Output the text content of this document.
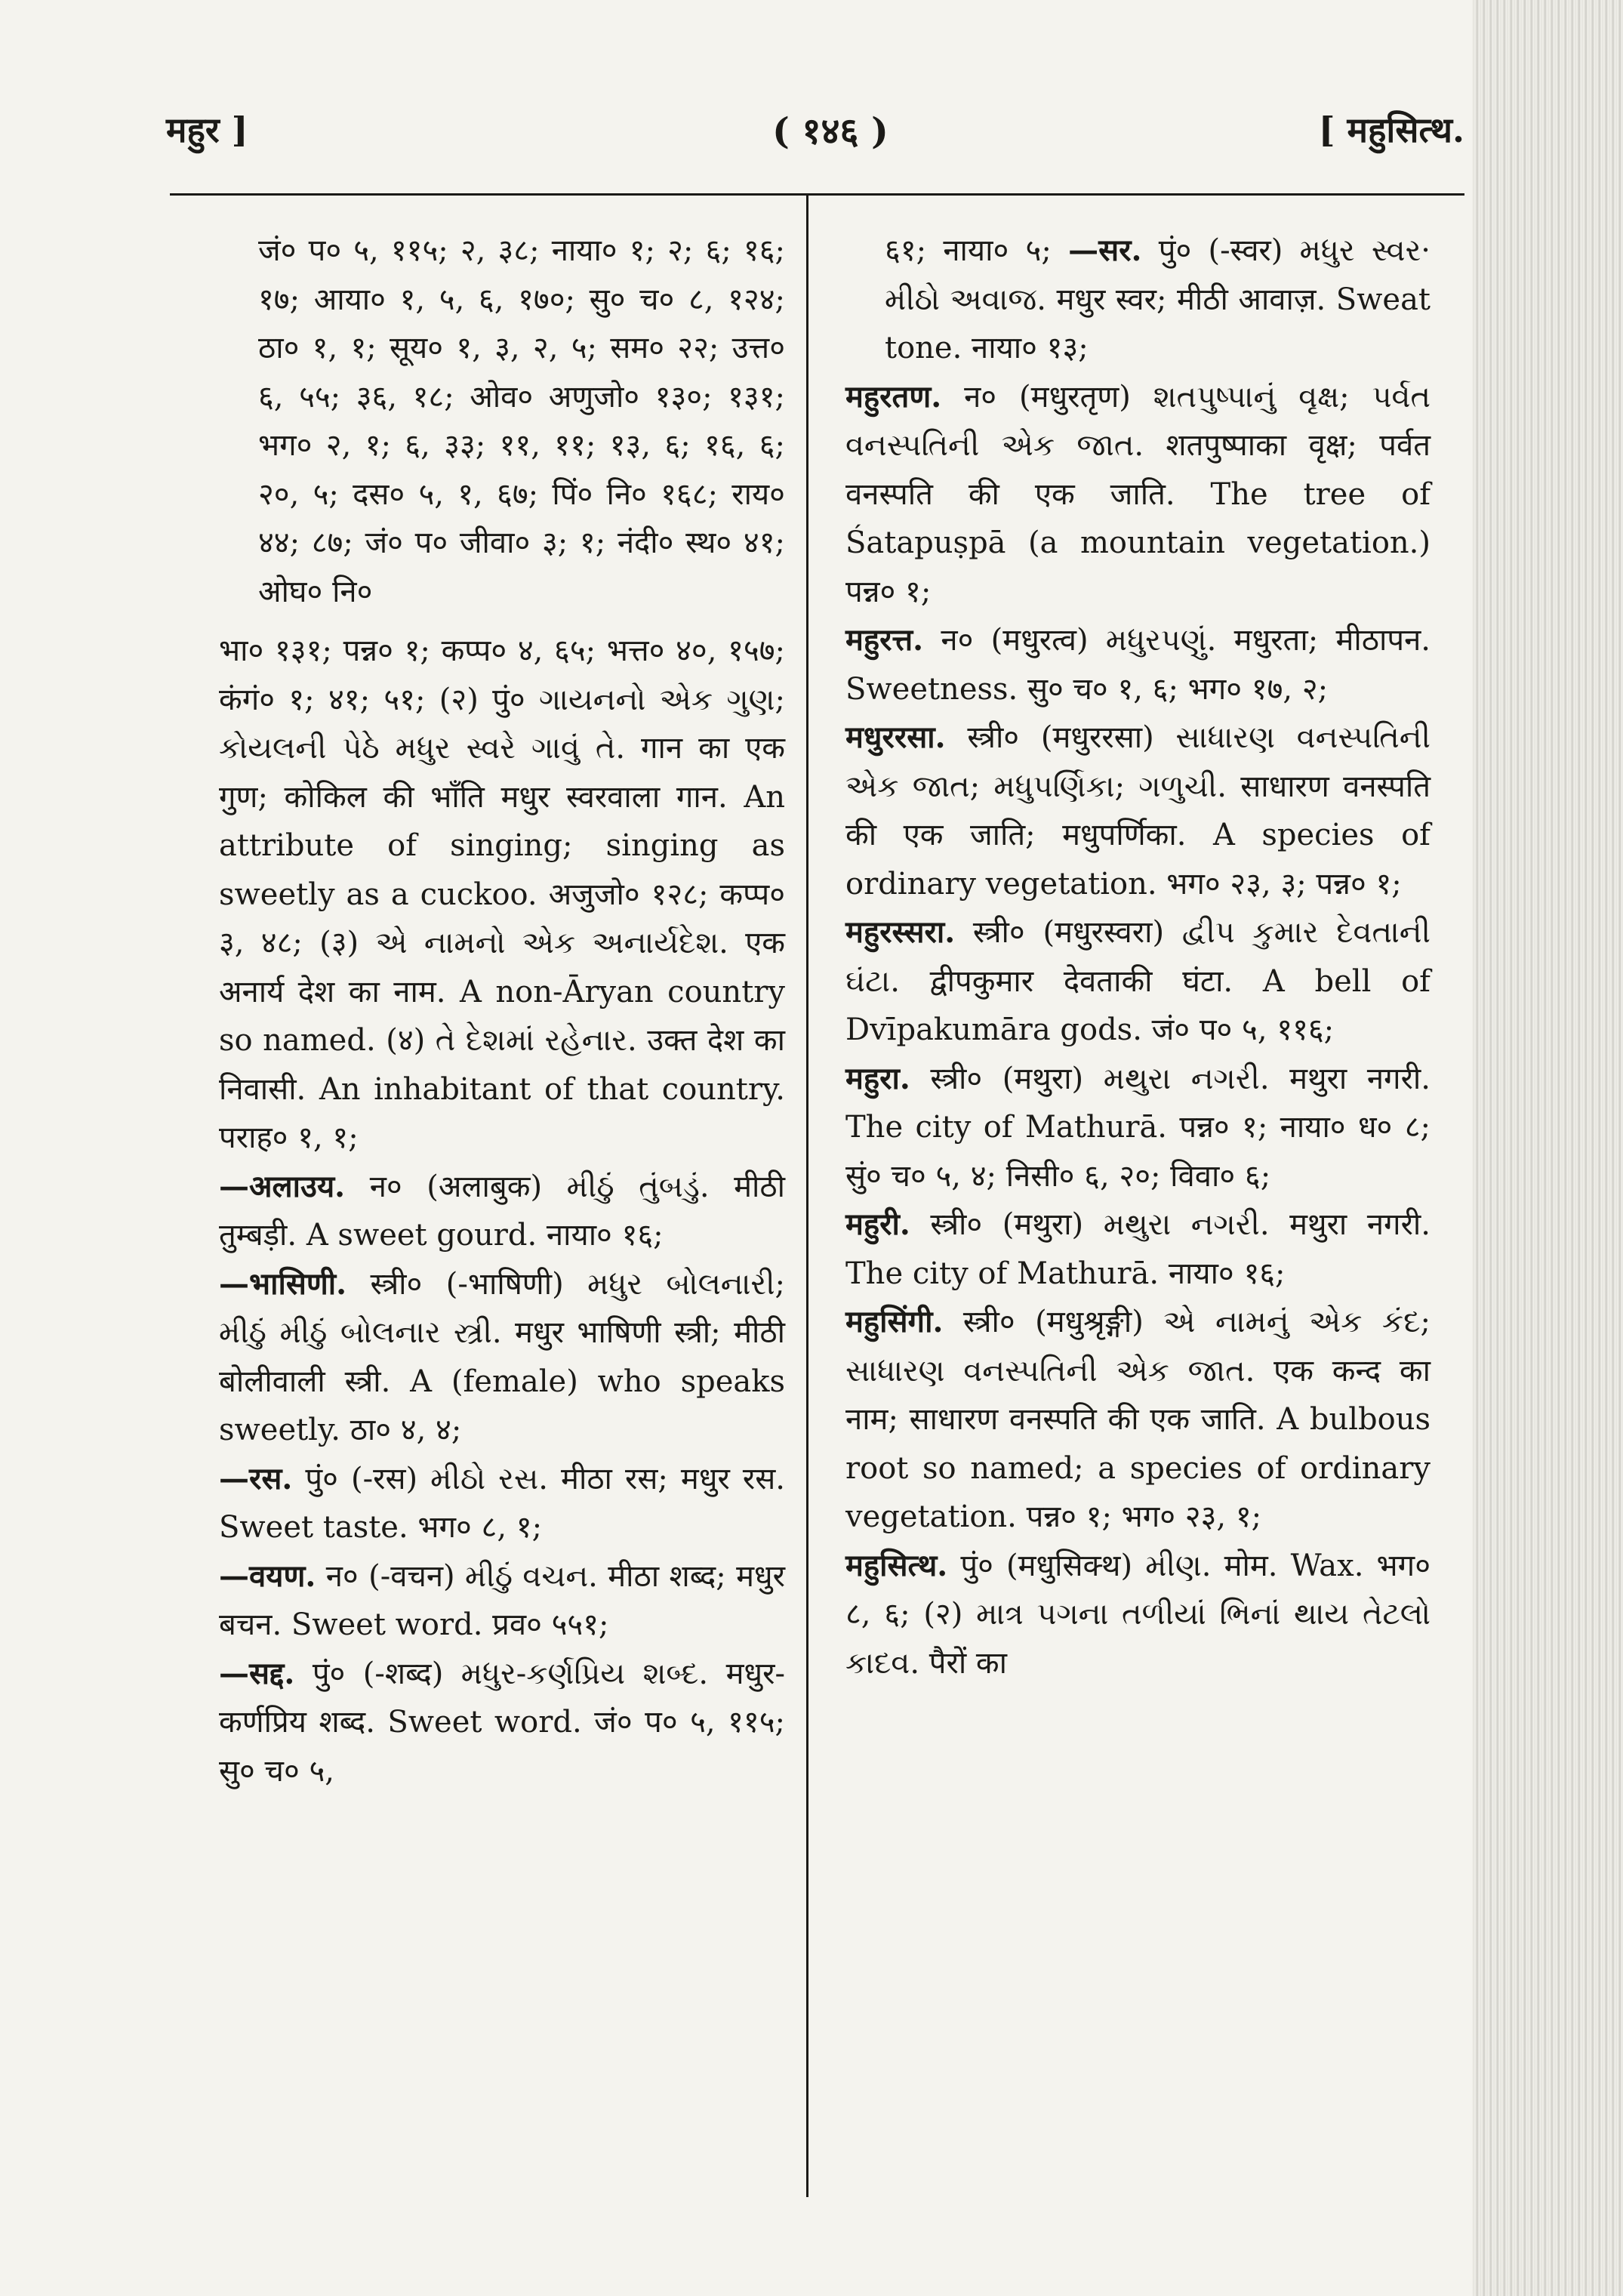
महुर ]	( १४६ )	[ महुसित्थ.

जं० प० ५, ११५; २, ३८; नाया० १; २; ६; १६; १७; आया० १, ५, ६, १७०; सु० च० ८, १२४; ठा० १, १; सूय० १, ३, २, ५; सम० २२; उत्त० ६, ५५; ३६, १८; ओव० अणुजो० १३०; १३१; भग० २, १; ६, ३३; ११, ११; १३, ६; १६, ६; २०, ५; दस० ५, १, ६७; पिं० नि० १६८; राय० ४४; ८७; जं० प० जीवा० ३; १; नंदी० स्थ० ४१; ओघ० नि०

भा० १३१; पन्न० १; कप्प० ४, ६५; भत्त० ४०, १५७; कंगं० १; ४१; ५१; (२) पुं० ગાયનનો એક ગુણ; કોયલની પેઠે મધુર સ્વરે ગાવું તે. गान का एक गुण; कोकिल की भाँति मधुर स्वरवाला गान. An attribute of singing; singing as sweetly as a cuckoo. अजुजो० १२८; कप्प० ३, ४८; (३) એ નામનો એક અનાર્યદેશ. एक अनार्य देश का नाम. A non-Āryan country so named. (४) તે દેશમાં રહેનાર. उक्त देश का निवासी. An inhabitant of that country. पराह० १, १;

—अलाउय. न० (अलाबुक) મીઠું તુંબડું. मीठी तुम्बड़ी. A sweet gourd. नाया० १६;

—भासिणी. स्त्री० (-भाषिणी) મધુર બોલનારી; મીઠું મીઠું બોલનાર સ્ત્રી. मधुर भाषिणी स्त्री; मीठी बोलीवाली स्त्री. A (female) who speaks sweetly. ठा० ४, ४;

—रस. पुं० (-रस) મીઠો રસ. मीठा रस; मधुर रस. Sweet taste. भग० ८, १;

—वयण. न० (-वचन) મીઠું વચન. मीठा शब्द; मधुर बचन. Sweet word. प्रव० ५५१;

—सद्द. पुं० (-शब्द) મધુર-કર્ણપ્રિય શબ્દ. मधुर-कर्णप्रिय शब्द. Sweet word. जं० प० ५, ११५; सु० च० ५,

६१; नाया० ५; —सर. पुं० (-स्वर) મધુર સ્વર· મીઠો અવાજ. मधुर स्वर; मीठी आवाज़. Sweat tone. नाया० १३;

महुरतण. न० (मधुरतृण) શતપુષ્પાનું વૃક્ષ; પર્વત વનસ્પતિની એક જાત. शतपुष्पाका वृक्ष; पर्वत वनस्पति की एक जाति. The tree of Śatapuṣpā (a mountain vegetation.) पन्न० १;

महुरत्त. न० (मधुरत्व) મધુરપણું. मधुरता; मीठापन. Sweetness. सु० च० १, ६; भग० १७, २;

मधुररसा. स्त्री० (मधुररसा) સાધારણ વનસ્પતિની એક જાત; મધુપર્ણિકા; ગળુચી. साधारण वनस्पति की एक जाति; मधुपर्णिका. A species of ordinary vegetation. भग० २३, ३; पन्न० १;

महुरस्सरा. स्त्री० (मधुरस्वरा) દ્વીપ કુમાર દેવતાની ઘંટા. द्वीपकुमार देवताकी घंटा. A bell of Dvīpakumāra gods. जं० प० ५, ११६;

महुरा. स्त्री० (मथुरा) મથુરા નગરી. मथुरा नगरी. The city of Mathurā. पन्न० १; नाया० ध० ८; सुं० च० ५, ४; निसी० ६, २०; विवा० ६;

महुरी. स्त्री० (मथुरा) મથુરા નગરી. मथुरा नगरी. The city of Mathurā. नाया० १६;

महुसिंगी. स्त्री० (मधुश्रृङ्गी) એ નામનું એક કંદ; સાધારણ વનસ્પતિની એક જાત. एक कन्द का नाम; साधारण वनस्पति की एक जाति. A bulbous root so named; a species of ordinary vegetation. पन्न० १; भग० २३, १;

महुसित्थ. पुं० (मधुसिक्थ) મીણ. मोम. Wax. भग० ८, ६; (२) માત્ર પગના તળીયાં ભિનાં થાય તેટલો કાદવ. पैरों का
